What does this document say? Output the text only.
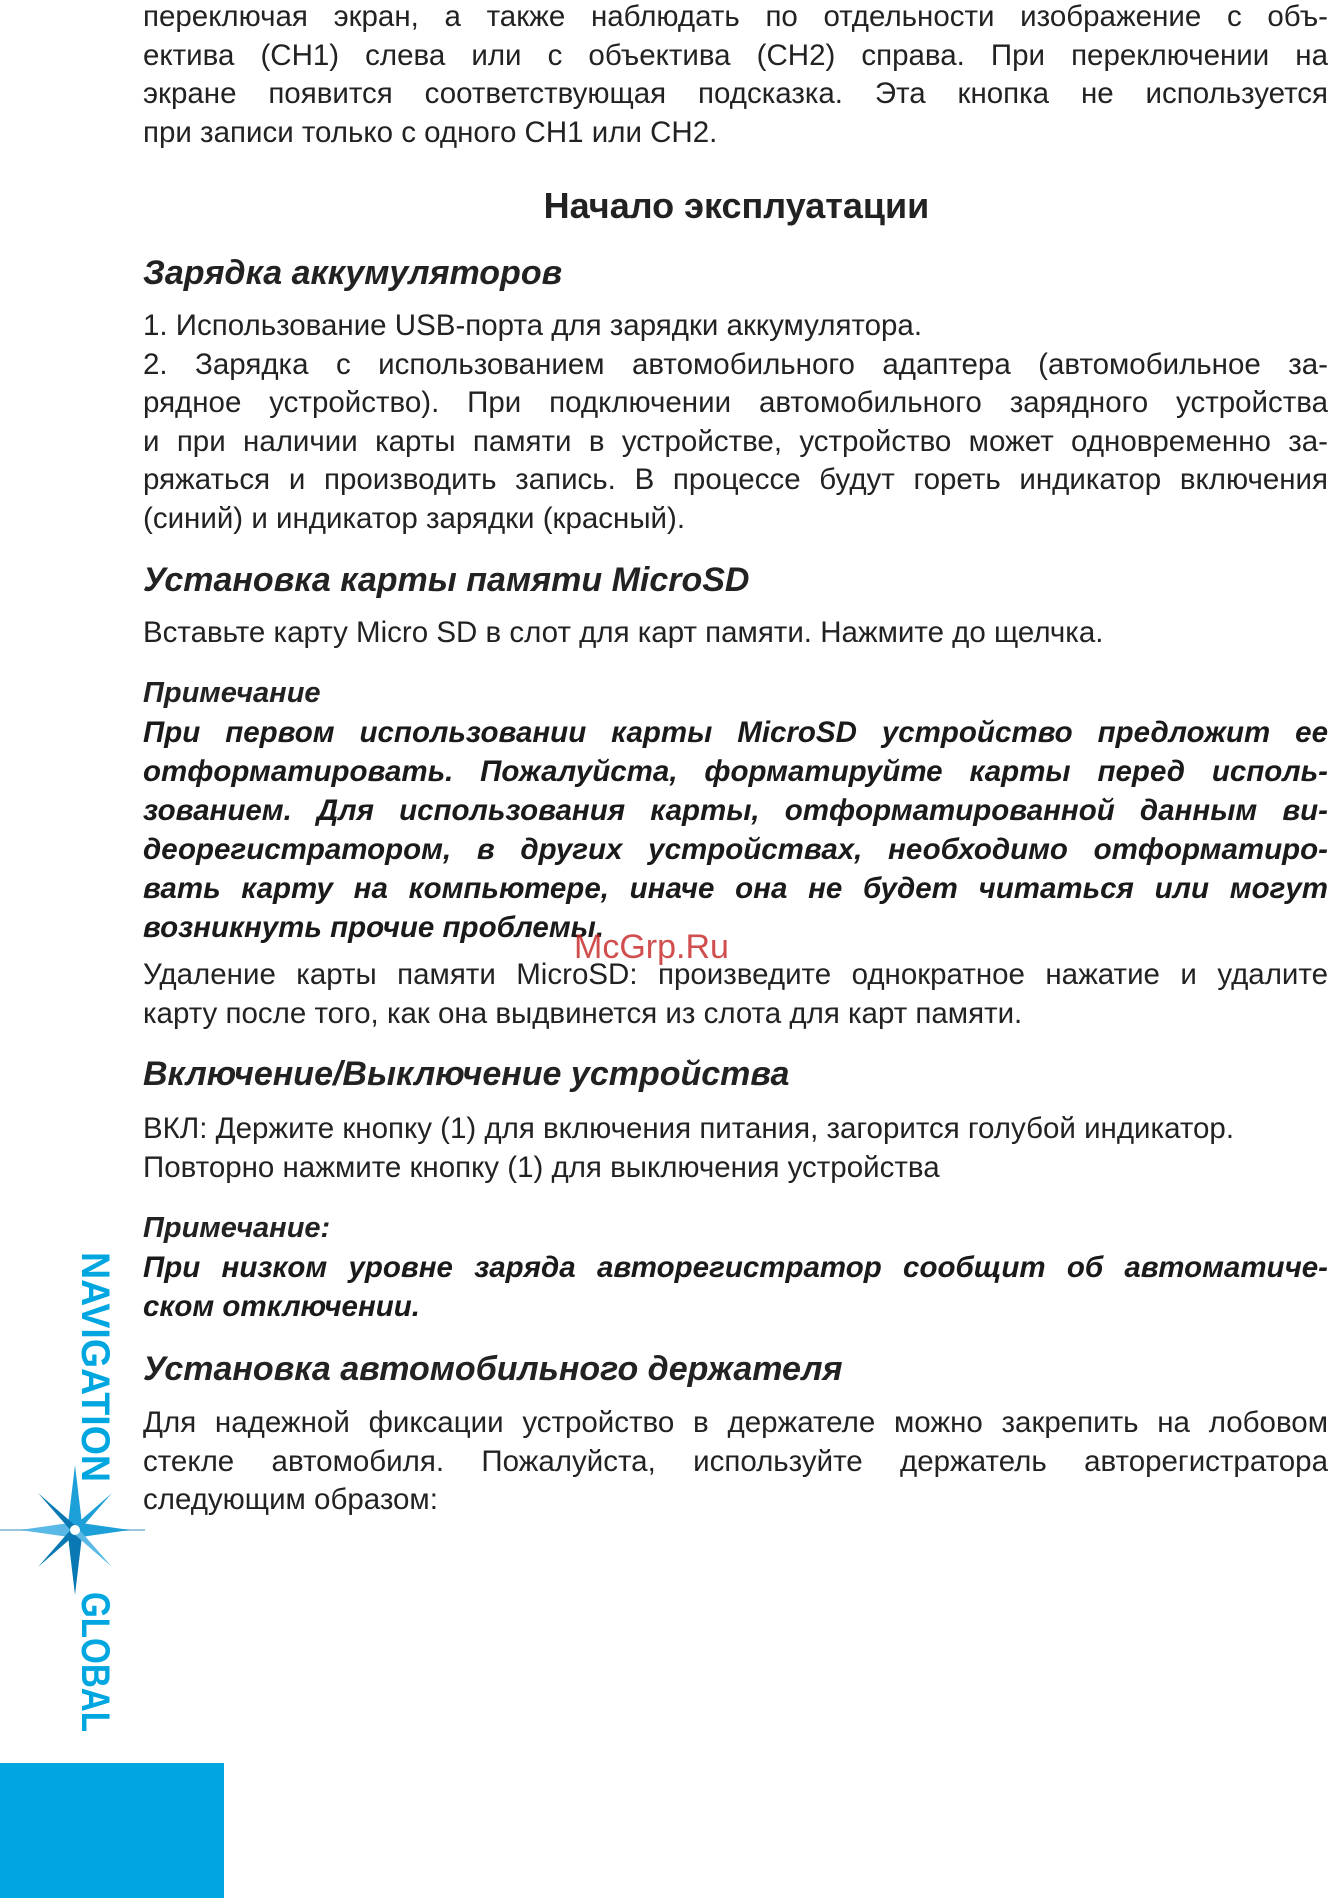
переключая экран, а также наблюдать по отдельности изображение с объ-
ектива (CH1) слева или с объектива (CH2) справа. При переключении на
экране появится соответствующая подсказка. Эта кнопка не используется
при записи только с одного CH1 или CH2.

Начало эксплуатации
Зарядка аккумуляторов

1. Использование USB-порта для зарядки аккумулятора.
2. Зарядка с использованием автомобильного адаптера (автомобильное за-
рядное устройство). При подключении автомобильного зарядного устройства
и при наличии карты памяти в устройстве, устройство может одновременно за-
ряжаться и производить запись. В процессе будут гореть индикатор включения
(синий) и индикатор зарядки (красный).

Установка карты памяти MicroSD

Вставьте карту Micro SD в слот для карт памяти. Нажмите до щелчка.

Примечание

При первом использовании карты MicroSD устройство предложит ее
отформатировать. Пожалуйста, форматируйте карты перед исполь-
зованием. Для использования карты, отформатированной данным ви-
деорегистратором, в других устройствах, необходимо отформатиро-
вать карту на компьютере, иначе она не будет читаться или могут
возникнуть прочие проблемы.

Удаление карты памяти MicroSD: произведите однократное нажатие и удалите
карту после того, как она выдвинется из слота для карт памяти.

Включение/Выключение устройства

ВКЛ: Держите кнопку (1) для включения питания, загорится голубой индикатор.
Повторно нажмите кнопку (1) для выключения устройства

Примечание:

При низком уровне заряда авторегистратор сообщит об автоматиче-
ском отключении.

Установка автомобильного держателя

Для надежной фиксации устройство в держателе можно закрепить на лобовом
стекле автомобиля. Пожалуйста, используйте держатель авторегистратора
следующим образом:

McGrp.Ru
NAVIGATION
GLOBAL
